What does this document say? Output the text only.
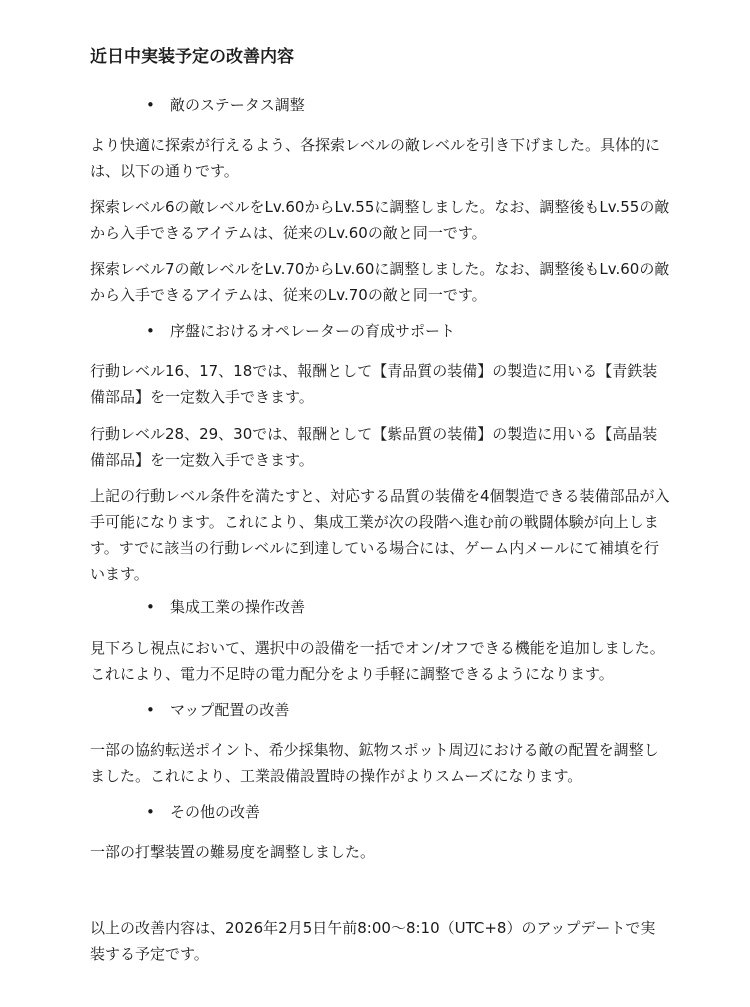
近日中実装予定の改善内容
• 敵のステータス調整

より快適に探索が行えるよう、各探索レベルの敵レベルを引き下げました。具体的には、以下の通りです。

探索レベル6の敵レベルをLv.60からLv.55に調整しました。なお、調整後もLv.55の敵から入手できるアイテムは、従来のLv.60の敵と同一です。

探索レベル7の敵レベルをLv.70からLv.60に調整しました。なお、調整後もLv.60の敵から入手できるアイテムは、従来のLv.70の敵と同一です。

• 序盤におけるオペレーターの育成サポート

行動レベル16、17、18では、報酬として【青品質の装備】の製造に用いる【青鉄装備部品】を一定数入手できます。

行動レベル28、29、30では、報酬として【紫品質の装備】の製造に用いる【高晶装備部品】を一定数入手できます。

上記の行動レベル条件を満たすと、対応する品質の装備を4個製造できる装備部品が入手可能になります。これにより、集成工業が次の段階へ進む前の戦闘体験が向上します。すでに該当の行動レベルに到達している場合には、ゲーム内メールにて補填を行います。

• 集成工業の操作改善

見下ろし視点において、選択中の設備を一括でオン/オフできる機能を追加しました。これにより、電力不足時の電力配分をより手軽に調整できるようになります。

• マップ配置の改善

一部の協約転送ポイント、希少採集物、鉱物スポット周辺における敵の配置を調整しました。これにより、工業設備設置時の操作がよりスムーズになります。

• その他の改善

一部の打撃装置の難易度を調整しました。

以上の改善内容は、2026年2月5日午前8:00〜8:10（UTC+8）のアップデートで実装する予定です。
